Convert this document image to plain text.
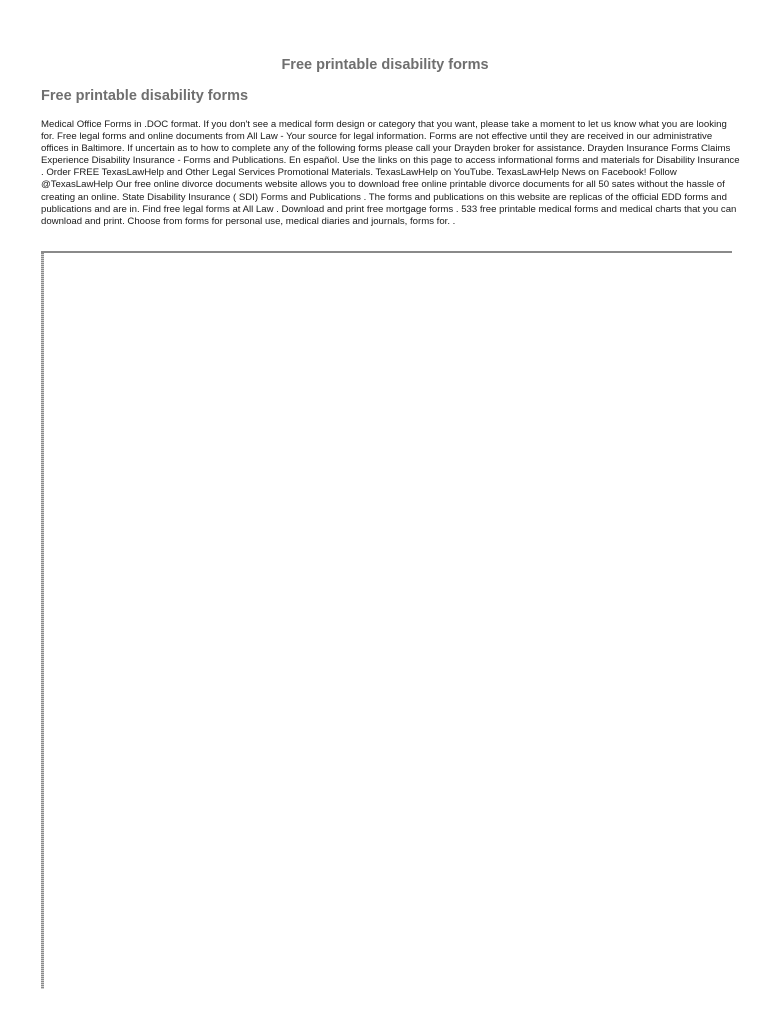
Free printable disability forms
Free printable disability forms

Medical Office Forms in .DOC format. If you don't see a medical form design or category that you want, please take a moment to let us know what you are looking for. Free legal forms and online documents from All Law - Your source for legal information. Forms are not effective until they are received in our administrative offices in Baltimore. If uncertain as to how to complete any of the following forms please call your Drayden broker for assistance. Drayden Insurance Forms Claims Experience Disability Insurance - Forms and Publications. En español. Use the links on this page to access informational forms and materials for Disability Insurance . Order FREE TexasLawHelp and Other Legal Services Promotional Materials. TexasLawHelp on YouTube. TexasLawHelp News on Facebook! Follow @TexasLawHelp Our free online divorce documents website allows you to download free online printable divorce documents for all 50 sates without the hassle of creating an online. State Disability Insurance ( SDI) Forms and Publications . The forms and publications on this website are replicas of the official EDD forms and publications and are in. Find free legal forms at All Law . Download and print free mortgage forms . 533 free printable medical forms and medical charts that you can download and print. Choose from forms for personal use, medical diaries and journals, forms for. .
